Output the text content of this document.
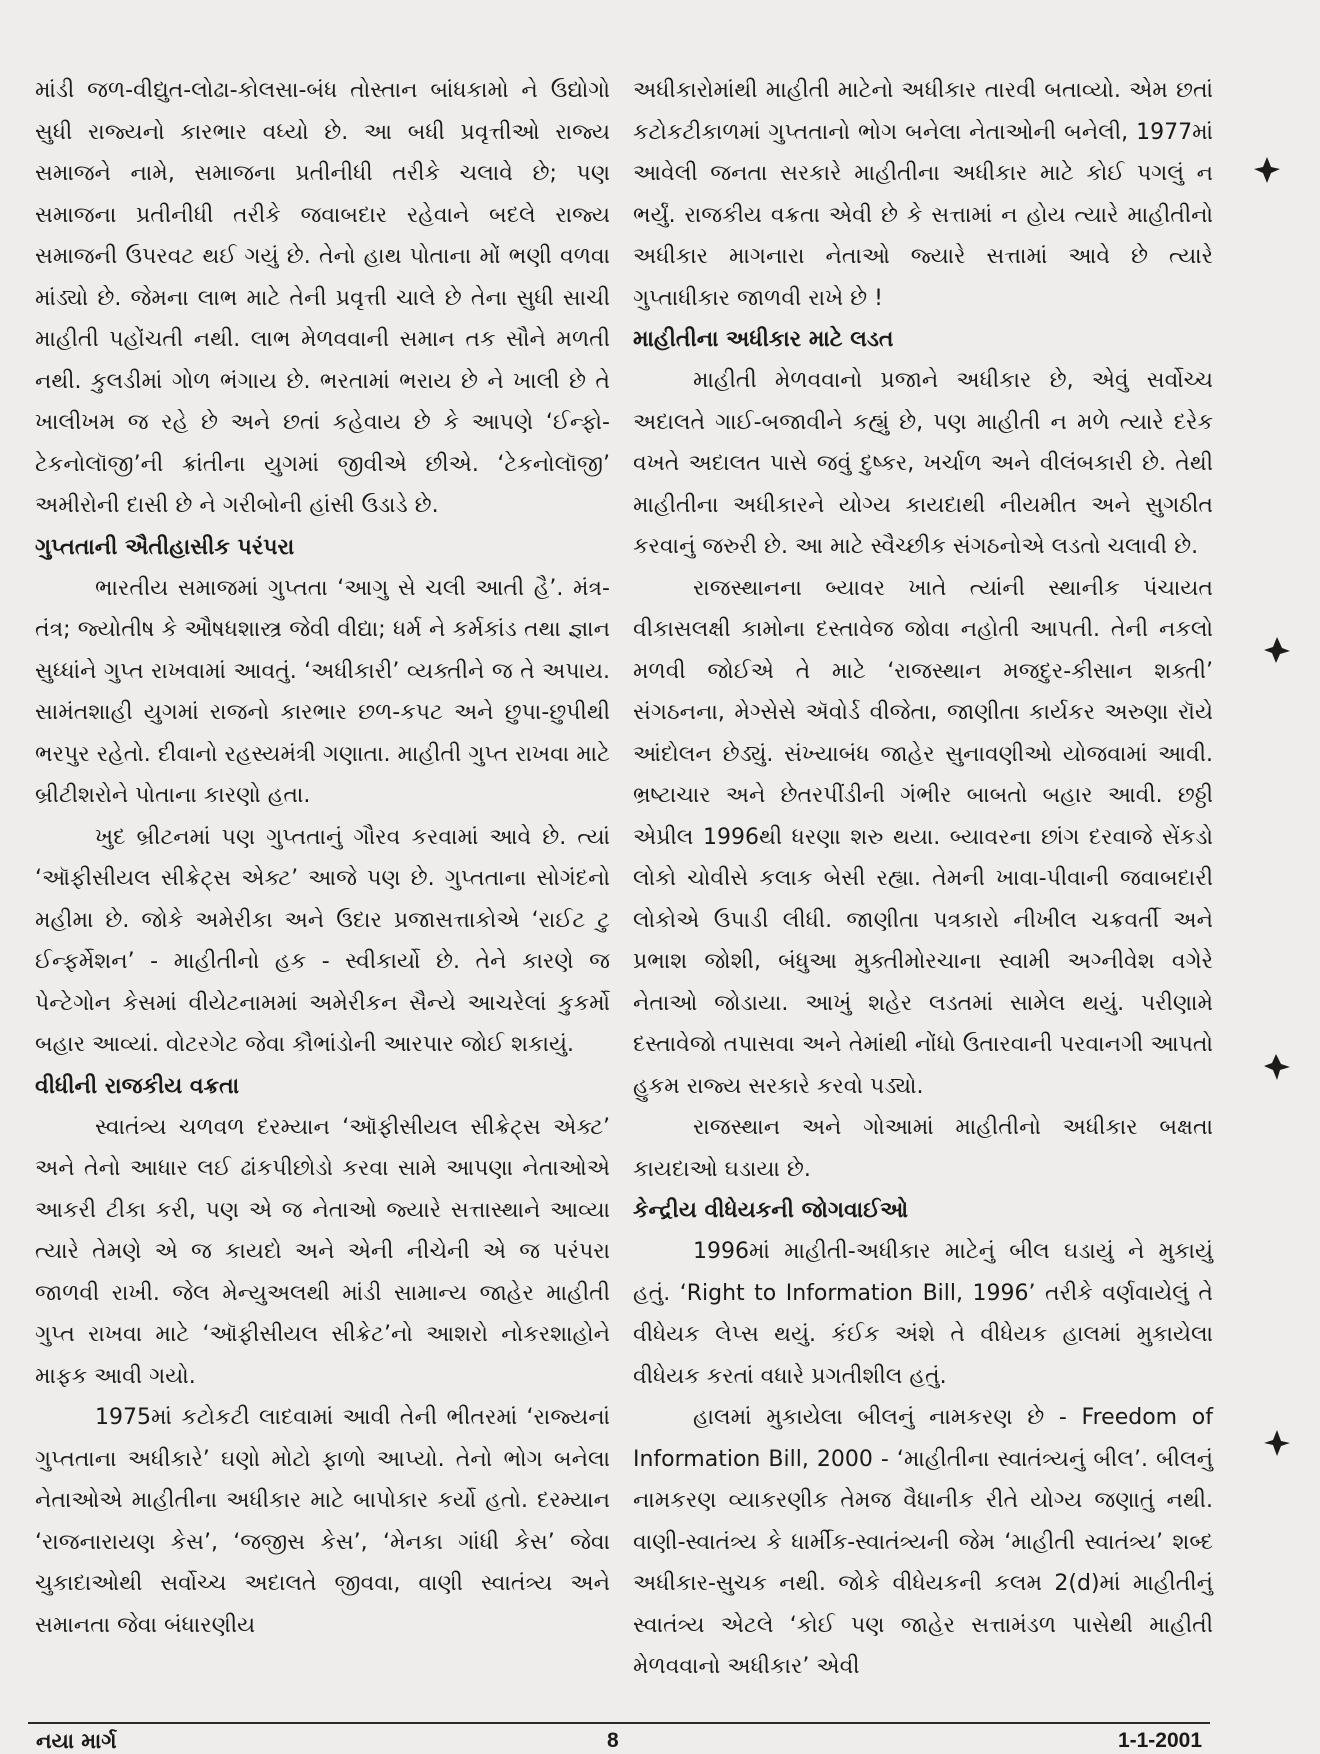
માંડી જળ-વીદ્યુત-લોઢા-કોલસા-બંધ તોસ્તાન બાંધકામો ને ઉદ્યોગો સુધી રાજ્યનો કારભાર વધ્યો છે. આ બધી પ્રવૃત્તીઓ રાજ્ય સમાજને નામે, સમાજના પ્રતીનીધી તરીકે ચલાવે છે; પણ સમાજના પ્રતીનીધી તરીકે જવાબદાર રહેવાને બદલે રાજ્ય સમાજની ઉપરવટ થઈ ગયું છે. તેનો હાથ પોતાના મોં ભણી વળવા માંડ્યો છે. જેમના લાભ માટે તેની પ્રવૃત્તી ચાલે છે તેના સુધી સાચી માહીતી પહોંચતી નથી. લાભ મેળવવાની સમાન તક સૌને મળતી નથી. કુલડીમાં ગોળ ભંગાય છે. ભરતામાં ભરાય છે ને ખાલી છે તે ખાલીખમ જ રહે છે અને છતાં કહેવાય છે કે આપણે ‘ઈન્ફો-ટેકનોલૉજી’ની ક્રાંતીના યુગમાં જીવીએ છીએ. ‘ટેકનોલૉજી’ અમીરોની દાસી છે ને ગરીબોની હાંસી ઉડાડે છે.

ગુપ્તતાની ઐતીહાસીક પરંપરા

ભારતીય સમાજમાં ગુપ્તતા ‘આગુ સે ચલી આતી હૈ’. મંત્ર-તંત્ર; જ્યોતીષ કે ઔષધશાસ્ત્ર જેવી વીદ્યા; ધર્મ ને કર્મકાંડ તથા જ્ઞાન સુધ્ધાંને ગુપ્ત રાખવામાં આવતું. ‘અધીકારી’ વ્યક્તીને જ તે અપાય. સામંતશાહી યુગમાં રાજનો કારભાર છળ-કપટ અને છુપા-છુપીથી ભરપુર રહેતો. દીવાનો રહસ્યમંત્રી ગણાતા. માહીતી ગુપ્ત રાખવા માટે બ્રીટીશરોને પોતાના કારણો હતા.

ખુદ બ્રીટનમાં પણ ગુપ્તતાનું ગૌરવ કરવામાં આવે છે. ત્યાં ‘ઑફીસીયલ સીક્રેટ્સ એક્ટ’ આજે પણ છે. ગુપ્તતાના સોગંદનો મહીમા છે. જોકે અમેરીકા અને ઉદાર પ્રજાસત્તાકોએ ‘રાઈટ ટુ ઈન્ફર્મેશન’ - માહીતીનો હક - સ્વીકાર્યો છે. તેને કારણે જ પેન્ટેગોન કેસમાં વીયેટનામમાં અમેરીકન સૈન્યે આચરેલાં કુકર્મો બહાર આવ્યાં. વોટરગેટ જેવા કૌભાંડોની આરપાર જોઈ શકાયું.

વીધીની રાજકીય વક્રતા

સ્વાતંત્ર્ય ચળવળ દરમ્યાન ‘ઑફીસીયલ સીક્રેટ્સ એક્ટ’ અને તેનો આધાર લઈ ઢાંકપીછોડો કરવા સામે આપણા નેતાઓએ આકરી ટીકા કરી, પણ એ જ નેતાઓ જ્યારે સત્તાસ્થાને આવ્યા ત્યારે તેમણે એ જ કાયદો અને એની નીચેની એ જ પરંપરા જાળવી રાખી. જેલ મેન્યુઅલથી માંડી સામાન્ય જાહેર માહીતી ગુપ્ત રાખવા માટે ‘ઑફીસીયલ સીક્રેટ’નો આશરો નોકરશાહોને માફક આવી ગયો.

1975માં કટોકટી લાદવામાં આવી તેની ભીતરમાં ‘રાજ્યનાં ગુપ્તતાના અધીકારે’ ઘણો મોટો ફાળો આપ્યો. તેનો ભોગ બનેલા નેતાઓએ માહીતીના અધીકાર માટે બાપોકાર કર્યો હતો. દરમ્યાન ‘રાજનારાયણ કેસ’, ‘જજીસ કેસ’, ‘મેનકા ગાંધી કેસ’ જેવા ચુકાદાઓથી સર્વોચ્ચ અદાલતે જીવવા, વાણી સ્વાતંત્ર્ય અને સમાનતા જેવા બંધારણીય

અધીકારોમાંથી માહીતી માટેનો અધીકાર તારવી બતાવ્યો. એમ છતાં કટોકટીકાળમાં ગુપ્તતાનો ભોગ બનેલા નેતાઓની બનેલી, 1977માં આવેલી જનતા સરકારે માહીતીના અધીકાર માટે કોઈ પગલું ન ભર્યું. રાજકીય વક્રતા એવી છે કે સત્તામાં ન હોય ત્યારે માહીતીનો અધીકાર માગનારા નેતાઓ જ્યારે સત્તામાં આવે છે ત્યારે ગુપ્તાધીકાર જાળવી રાખે છે !

માહીતીના અધીકાર માટે લડત

માહીતી મેળવવાનો પ્રજાને અધીકાર છે, એવું સર્વોચ્ચ અદાલતે ગાઈ-બજાવીને કહ્યું છે, પણ માહીતી ન મળે ત્યારે દરેક વખતે અદાલત પાસે જવું દુષ્કર, ખર્ચાળ અને વીલંબકારી છે. તેથી માહીતીના અધીકારને યોગ્ય કાયદાથી નીયમીત અને સુગઠીત કરવાનું જરુરી છે. આ માટે સ્વૈચ્છીક સંગઠનોએ લડતો ચલાવી છે.

રાજસ્થાનના બ્યાવર ખાતે ત્યાંની સ્થાનીક પંચાયત વીકાસલક્ષી કામોના દસ્તાવેજ જોવા નહોતી આપતી. તેની નકલો મળવી જોઈએ તે માટે ‘રાજસ્થાન મજદુર-કીસાન શક્તી’ સંગઠનના, મેગ્સેસે ઍવોર્ડ વીજેતા, જાણીતા કાર્યકર અરુણા રૉયે આંદોલન છેડ્યું. સંખ્યાબંધ જાહેર સુનાવણીઓ યોજવામાં આવી. ભ્રષ્ટાચાર અને છેતરપીંડીની ગંભીર બાબતો બહાર આવી. છઠ્ઠી એપ્રીલ 1996થી ધરણા શરુ થયા. બ્યાવરના છાંગ દરવાજે સેંકડો લોકો ચોવીસે કલાક બેસી રહ્યા. તેમની ખાવા-પીવાની જવાબદારી લોકોએ ઉપાડી લીધી. જાણીતા પત્રકારો નીખીલ ચક્રવર્તી અને પ્રભાશ જોશી, બંધુઆ મુક્તીમોરચાના સ્વામી અગ્નીવેશ વગેરે નેતાઓ જોડાયા. આખું શહેર લડતમાં સામેલ થયું. પરીણામે દસ્તાવેજો તપાસવા અને તેમાંથી નોંધો ઉતારવાની પરવાનગી આપતો હુકમ રાજ્ય સરકારે કરવો પડ્યો.

રાજસ્થાન અને ગોઆમાં માહીતીનો અધીકાર બક્ષતા કાયદાઓ ઘડાયા છે.

કેન્દ્રીય વીધેયકની જોગવાઈઓ

1996માં માહીતી-અધીકાર માટેનું બીલ ઘડાયું ને મુકાયું હતું. ‘Right to Information Bill, 1996’ તરીકે વર્ણવાયેલું તે વીધેયક લેપ્સ થયું. કંઈક અંશે તે વીધેયક હાલમાં મુકાયેલા વીધેયક કરતાં વધારે પ્રગતીશીલ હતું.

હાલમાં મુકાયેલા બીલનું નામકરણ છે - Freedom of Information Bill, 2000 - ‘માહીતીના સ્વાતંત્ર્યનું બીલ’. બીલનું નામકરણ વ્યાકરણીક તેમજ વૈધાનીક રીતે યોગ્ય જણાતું નથી. વાણી-સ્વાતંત્ર્ય કે ધાર્મીક-સ્વાતંત્ર્યની જેમ ‘માહીતી સ્વાતંત્ર્ય’ શબ્દ અધીકાર-સુચક નથી. જોકે વીધેયકની કલમ 2(d)માં માહીતીનું સ્વાતંત્ર્ય એટલે ‘કોઈ પણ જાહેર સત્તામંડળ પાસેથી માહીતી મેળવવાનો અધીકાર’ એવી

નયા માર્ગ	8	1-1-2001
